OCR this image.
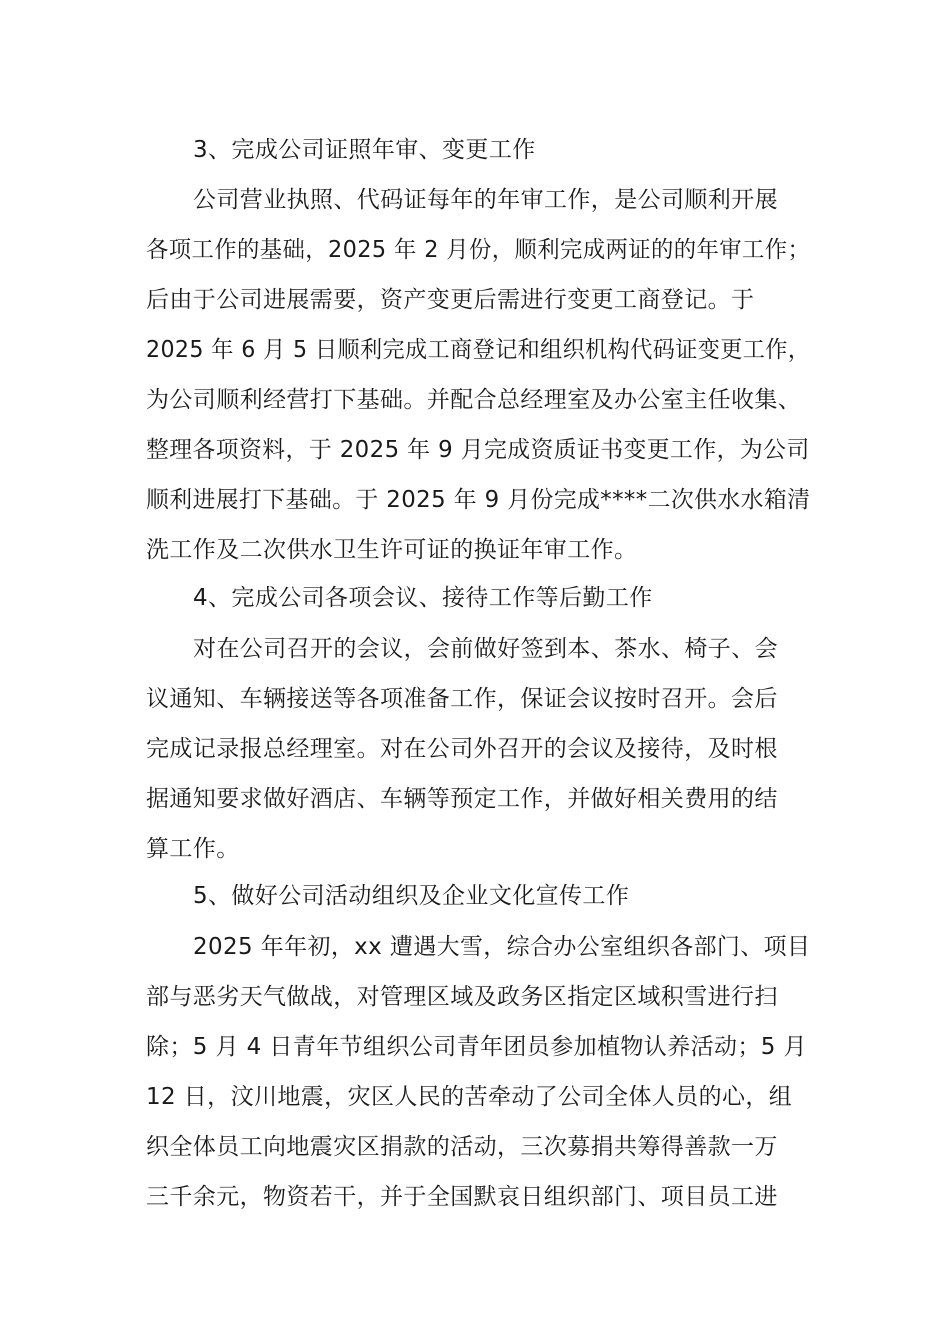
3、完成公司证照年审、变更工作
公司营业执照、代码证每年的年审工作，是公司顺利开展
各项工作的基础，2025 年 2 月份，顺利完成两证的的年审工作；
后由于公司进展需要，资产变更后需进行变更工商登记。于
2025 年 6 月 5 日顺利完成工商登记和组织机构代码证变更工作，
为公司顺利经营打下基础。并配合总经理室及办公室主任收集、
整理各项资料，于 2025 年 9 月完成资质证书变更工作，为公司
顺利进展打下基础。于 2025 年 9 月份完成****二次供水水箱清
洗工作及二次供水卫生许可证的换证年审工作。
4、完成公司各项会议、接待工作等后勤工作
对在公司召开的会议，会前做好签到本、茶水、椅子、会
议通知、车辆接送等各项准备工作，保证会议按时召开。会后
完成记录报总经理室。对在公司外召开的会议及接待，及时根
据通知要求做好酒店、车辆等预定工作，并做好相关费用的结
算工作。
5、做好公司活动组织及企业文化宣传工作
2025 年年初，xx 遭遇大雪，综合办公室组织各部门、项目
部与恶劣天气做战，对管理区域及政务区指定区域积雪进行扫
除；5 月 4 日青年节组织公司青年团员参加植物认养活动；5 月
12 日，汶川地震，灾区人民的苦牵动了公司全体人员的心，组
织全体员工向地震灾区捐款的活动，三次募捐共筹得善款一万
三千余元，物资若干，并于全国默哀日组织部门、项目员工进
